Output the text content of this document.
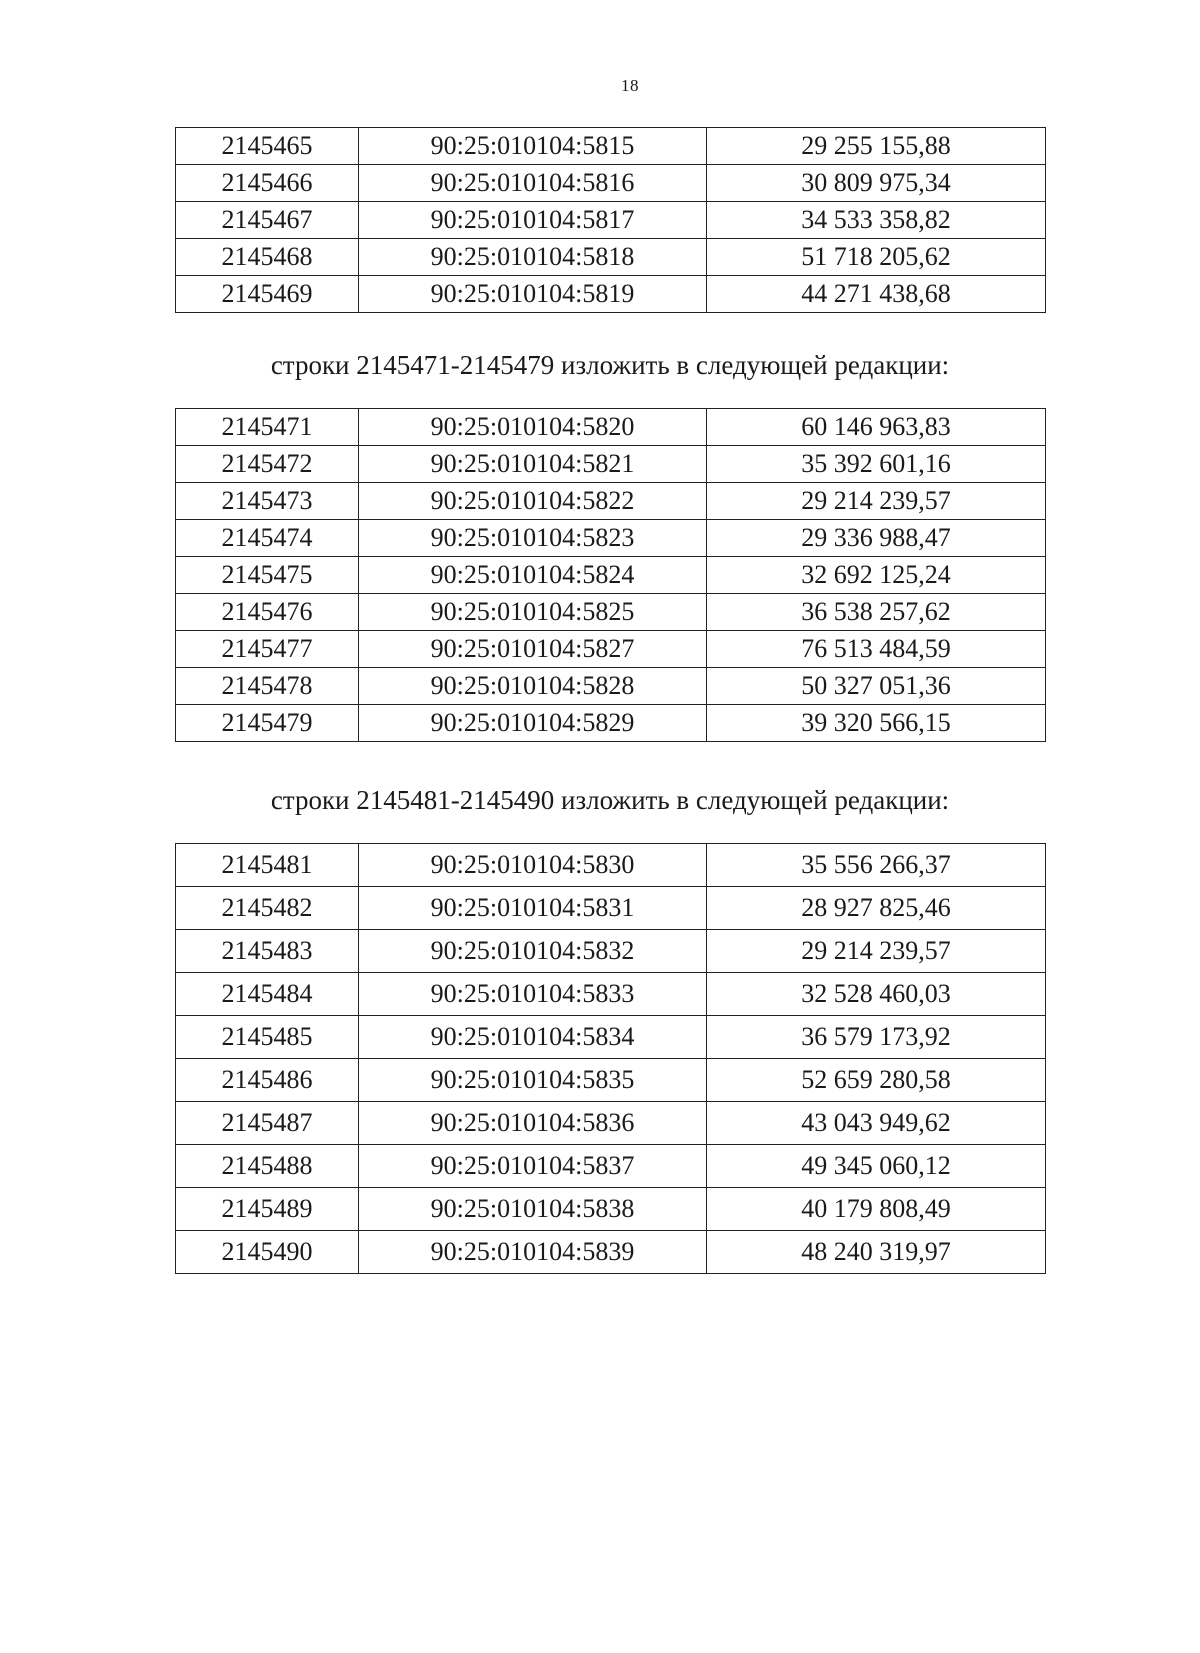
18
2145465	90:25:010104:5815	29 255 155,88
2145466	90:25:010104:5816	30 809 975,34
2145467	90:25:010104:5817	34 533 358,82
2145468	90:25:010104:5818	51 718 205,62
2145469	90:25:010104:5819	44 271 438,68
строки 2145471-2145479 изложить в следующей редакции:
2145471	90:25:010104:5820	60 146 963,83
2145472	90:25:010104:5821	35 392 601,16
2145473	90:25:010104:5822	29 214 239,57
2145474	90:25:010104:5823	29 336 988,47
2145475	90:25:010104:5824	32 692 125,24
2145476	90:25:010104:5825	36 538 257,62
2145477	90:25:010104:5827	76 513 484,59
2145478	90:25:010104:5828	50 327 051,36
2145479	90:25:010104:5829	39 320 566,15
строки 2145481-2145490 изложить в следующей редакции:
2145481	90:25:010104:5830	35 556 266,37
2145482	90:25:010104:5831	28 927 825,46
2145483	90:25:010104:5832	29 214 239,57
2145484	90:25:010104:5833	32 528 460,03
2145485	90:25:010104:5834	36 579 173,92
2145486	90:25:010104:5835	52 659 280,58
2145487	90:25:010104:5836	43 043 949,62
2145488	90:25:010104:5837	49 345 060,12
2145489	90:25:010104:5838	40 179 808,49
2145490	90:25:010104:5839	48 240 319,97
